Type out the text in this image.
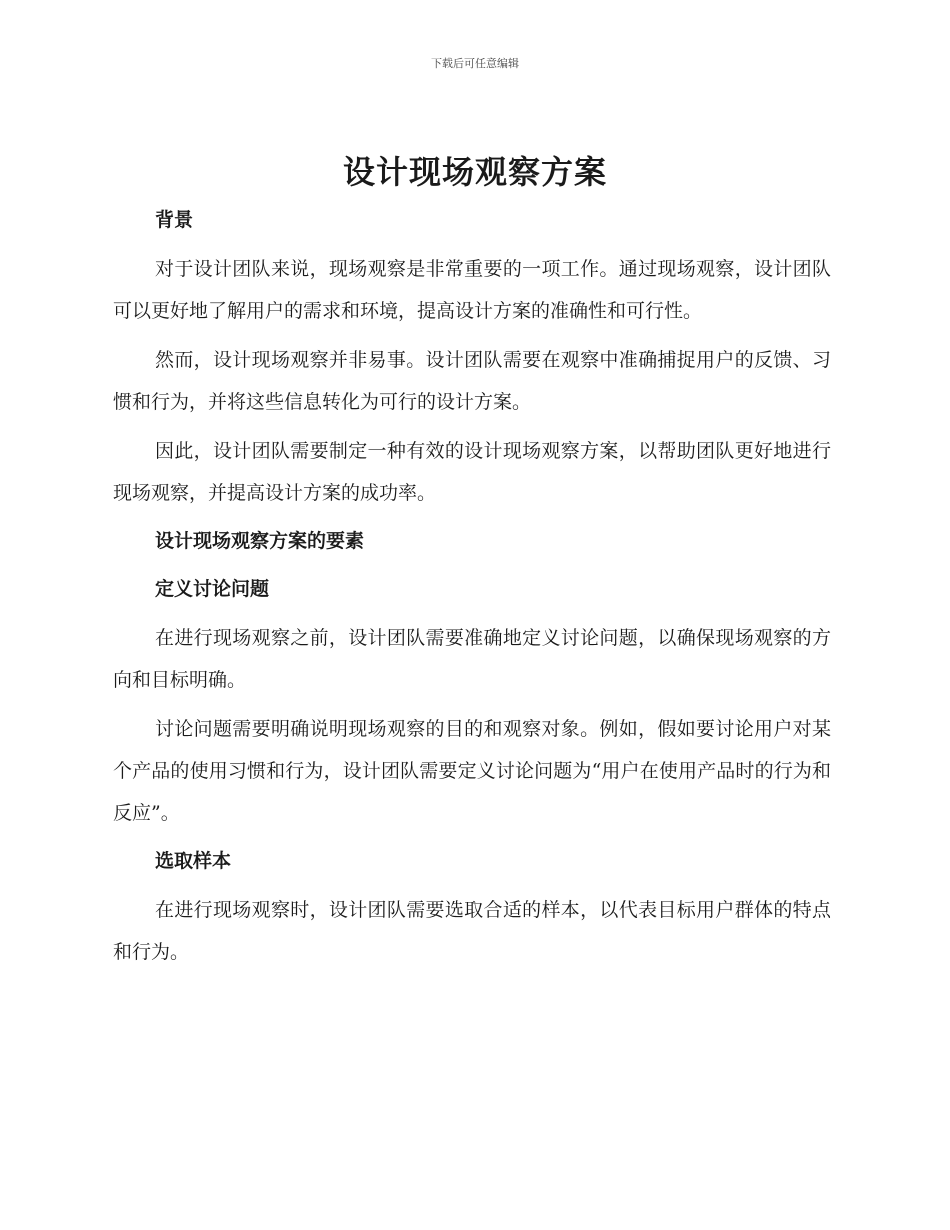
下载后可任意编辑
设计现场观察方案
背景

对于设计团队来说，现场观察是非常重要的一项工作。通过现场观察，设计团队可以更好地了解用户的需求和环境，提高设计方案的准确性和可行性。

然而，设计现场观察并非易事。设计团队需要在观察中准确捕捉用户的反馈、习惯和行为，并将这些信息转化为可行的设计方案。

因此，设计团队需要制定一种有效的设计现场观察方案，以帮助团队更好地进行现场观察，并提高设计方案的成功率。

设计现场观察方案的要素
定义讨论问题

在进行现场观察之前，设计团队需要准确地定义讨论问题，以确保现场观察的方向和目标明确。

讨论问题需要明确说明现场观察的目的和观察对象。例如，假如要讨论用户对某个产品的使用习惯和行为，设计团队需要定义讨论问题为“用户在使用产品时的行为和反应”。

选取样本

在进行现场观察时，设计团队需要选取合适的样本，以代表目标用户群体的特点和行为。
